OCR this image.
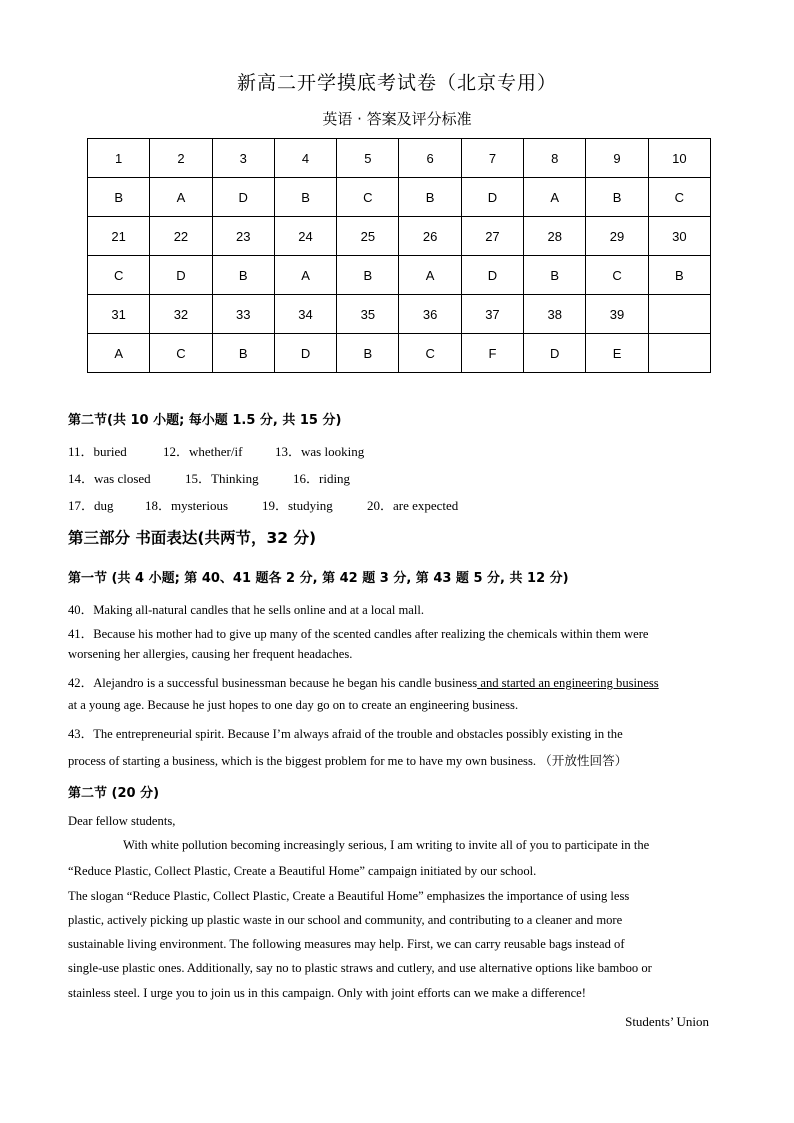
新高二开学摸底考试卷（北京专用）
英语 · 答案及评分标准
1	2	3	4	5	6	7	8	9	10
B	A	D	B	C	B	D	A	B	C
21	22	23	24	25	26	27	28	29	30
C	D	B	A	B	A	D	B	C	B
31	32	33	34	35	36	37	38	39	
A	C	B	D	B	C	F	D	E	
第二节(共 10 小题; 每小题 1.5 分, 共 15 分)
11．buried	12．whether/if	13．was looking
14．was closed	15．Thinking	16．riding
17．dug 18．mysterious	19．studying	20．are expected
第三部分 书面表达(共两节，32 分)
第一节 (共 4 小题; 第 40、41 题各 2 分, 第 42 题 3 分, 第 43 题 5 分, 共 12 分)
40．Making all-natural candles that he sells online and at a local mall.
41．Because his mother had to give up many of the scented candles after realizing the chemicals within them were
worsening her allergies, causing her frequent headaches.
42．Alejandro is a successful businessman because he began his candle business and started an engineering business
at a young age. Because he just hopes to one day go on to create an engineering business.
43．The entrepreneurial spirit. Because I’m always afraid of the trouble and obstacles possibly existing in the
process of starting a business, which is the biggest problem for me to have my own business. （开放性回答）
第二节 (20 分)
Dear fellow students,
With white pollution becoming increasingly serious, I am writing to invite all of you to participate in the
“Reduce Plastic, Collect Plastic, Create a Beautiful Home” campaign initiated by our school.
The slogan “Reduce Plastic, Collect Plastic, Create a Beautiful Home” emphasizes the importance of using less
plastic, actively picking up plastic waste in our school and community, and contributing to a cleaner and more
sustainable living environment. The following measures may help. First, we can carry reusable bags instead of
single-use plastic ones. Additionally, say no to plastic straws and cutlery, and use alternative options like bamboo or
stainless steel. I urge you to join us in this campaign. Only with joint efforts can we make a difference!
Students’ Union
